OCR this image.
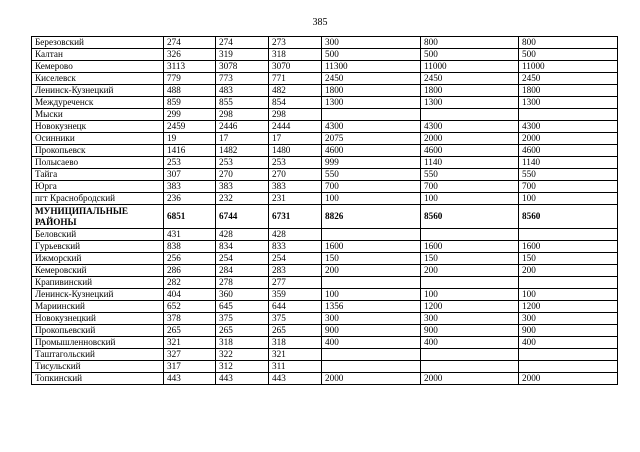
385
Березовский	274	274	273	300	800	800
Калтан	326	319	318	500	500	500
Кемерово	3113	3078	3070	11300	11000	11000
Киселевск	779	773	771	2450	2450	2450
Ленинск-Кузнецкий	488	483	482	1800	1800	1800
Междуреченск	859	855	854	1300	1300	1300
Мыски	299	298	298			
Новокузнецк	2459	2446	2444	4300	4300	4300
Осинники	19	17	17	2075	2000	2000
Прокопьевск	1416	1482	1480	4600	4600	4600
Полысаево	253	253	253	999	1140	1140
Тайга	307	270	270	550	550	550
Юрга	383	383	383	700	700	700
пгт Краснобродский	236	232	231	100	100	100
МУНИЦИПАЛЬНЫЕ РАЙОНЫ	6851	6744	6731	8826	8560	8560
Беловский	431	428	428			
Гурьевский	838	834	833	1600	1600	1600
Ижморский	256	254	254	150	150	150
Кемеровский	286	284	283	200	200	200
Крапивинский	282	278	277			
Ленинск-Кузнецкий	404	360	359	100	100	100
Мариинский	652	645	644	1356	1200	1200
Новокузнецкий	378	375	375	300	300	300
Прокопьевский	265	265	265	900	900	900
Промышленновский	321	318	318	400	400	400
Таштагольский	327	322	321			
Тисульский	317	312	311			
Топкинский	443	443	443	2000	2000	2000
